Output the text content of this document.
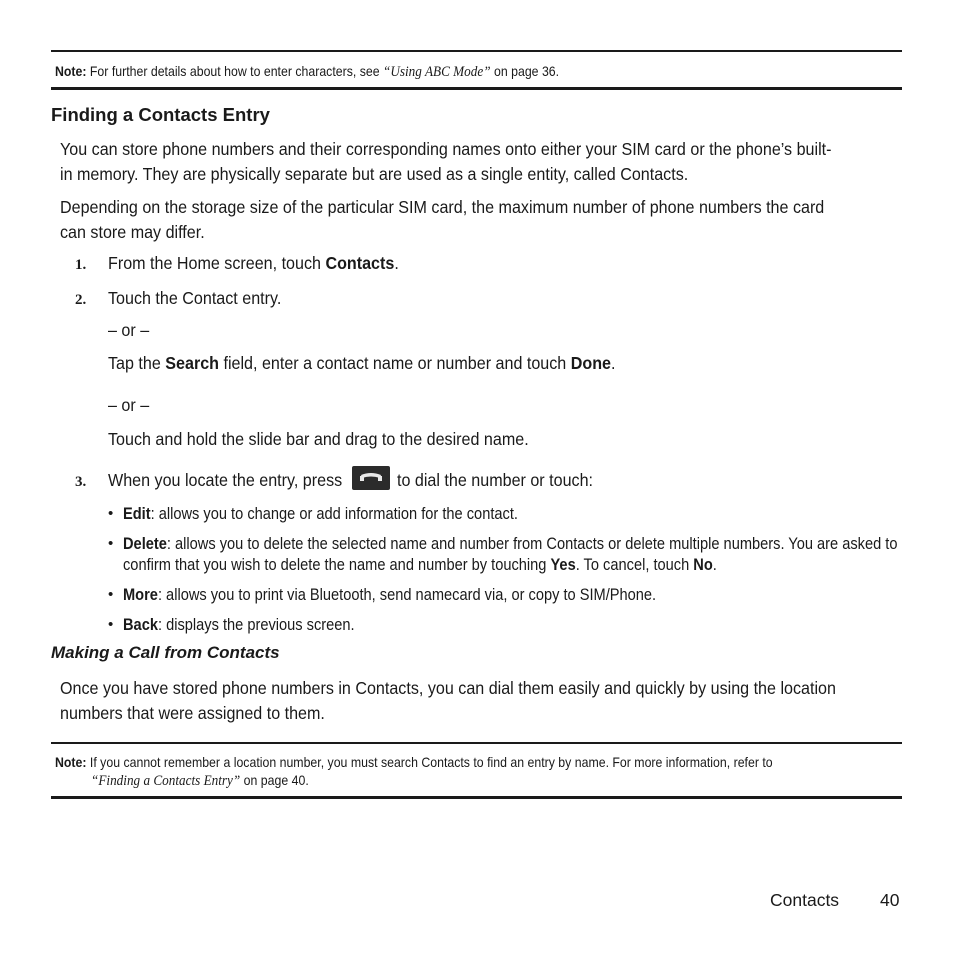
Note: For further details about how to enter characters, see “Using ABC Mode” on page 36.
Finding a Contacts Entry
You can store phone numbers and their corresponding names onto either your SIM card or the phone’s built-in memory. They are physically separate but are used as a single entity, called Contacts.
Depending on the storage size of the particular SIM card, the maximum number of phone numbers the card can store may differ.
1. From the Home screen, touch Contacts.
2. Touch the Contact entry.
– or –
Tap the Search field, enter a contact name or number and touch Done.
– or –
Touch and hold the slide bar and drag to the desired name.
3. When you locate the entry, press	to dial the number or touch:
• Edit: allows you to change or add information for the contact.
• Delete: allows you to delete the selected name and number from Contacts or delete multiple numbers. You are asked to confirm that you wish to delete the name and number by touching Yes. To cancel, touch No.
• More: allows you to print via Bluetooth, send namecard via, or copy to SIM/Phone.
• Back: displays the previous screen.
Making a Call from Contacts
Once you have stored phone numbers in Contacts, you can dial them easily and quickly by using the location numbers that were assigned to them.
Note: If you cannot remember a location number, you must search Contacts to find an entry by name. For more information, refer to
“Finding a Contacts Entry” on page 40.
Contacts 40
